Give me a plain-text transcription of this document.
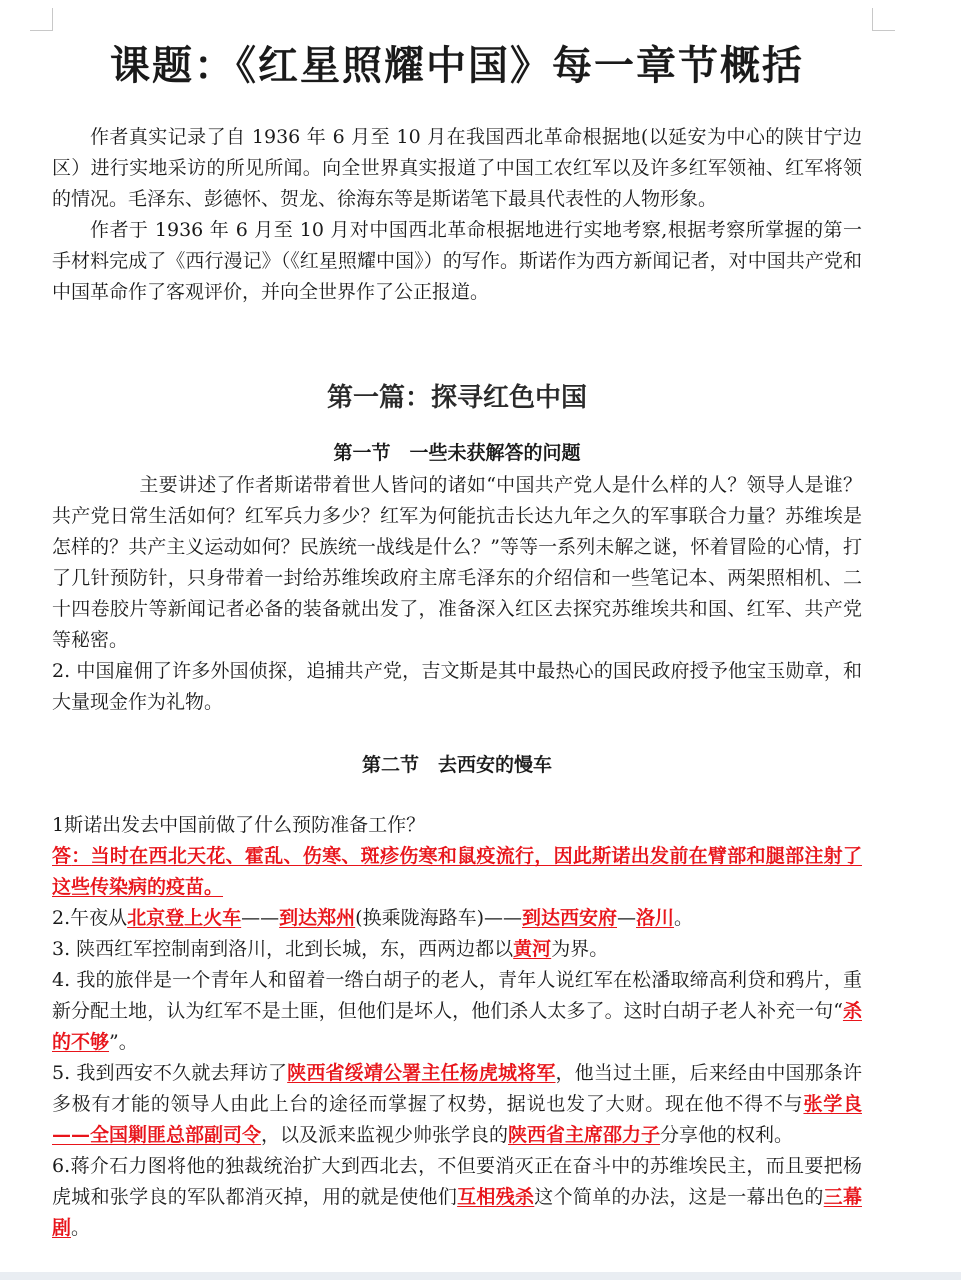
课题：《红星照耀中国》每一章节概括

作者真实记录了自 1936 年 6 月至 10 月在我国西北革命根据地(以延安为中心的陕甘宁边区）进行实地采访的所见所闻。向全世界真实报道了中国工农红军以及许多红军领袖、红军将领的情况。毛泽东、彭德怀、贺龙、徐海东等是斯诺笔下最具代表性的人物形象。

作者于 1936 年 6 月至 10 月对中国西北革命根据地进行实地考察,根据考察所掌握的第一手材料完成了《西行漫记》（《红星照耀中国》）的写作。斯诺作为西方新闻记者，对中国共产党和中国革命作了客观评价，并向全世界作了公正报道。

第一篇：探寻红色中国
第一节　一些未获解答的问题

主要讲述了作者斯诺带着世人皆问的诸如“中国共产党人是什么样的人？领导人是谁？共产党日常生活如何？红军兵力多少？红军为何能抗击长达九年之久的军事联合力量？苏维埃是怎样的？共产主义运动如何？民族统一战线是什么？”等等一系列未解之谜，怀着冒险的心情，打了几针预防针，只身带着一封给苏维埃政府主席毛泽东的介绍信和一些笔记本、两架照相机、二十四卷胶片等新闻记者必备的装备就出发了，准备深入红区去探究苏维埃共和国、红军、共产党等秘密。

2. 中国雇佣了许多外国侦探，追捕共产党，吉文斯是其中最热心的国民政府授予他宝玉勋章，和大量现金作为礼物。

第二节　去西安的慢车

1斯诺出发去中国前做了什么预防准备工作？

答：当时在西北天花、霍乱、伤寒、斑疹伤寒和鼠疫流行，因此斯诺出发前在臂部和腿部注射了这些传染病的疫苗。

2.午夜从北京登上火车——到达郑州(换乘陇海路车)——到达西安府—洛川。

3. 陕西红军控制南到洛川，北到长城，东，西两边都以黄河为界。

4. 我的旅伴是一个青年人和留着一绺白胡子的老人，青年人说红军在松潘取缔高利贷和鸦片，重新分配土地，认为红军不是土匪，但他们是坏人，他们杀人太多了。这时白胡子老人补充一句“杀的不够”。

5. 我到西安不久就去拜访了陕西省绥靖公署主任杨虎城将军，他当过土匪，后来经由中国那条许多极有才能的领导人由此上台的途径而掌握了权势，据说也发了大财。现在他不得不与张学良——全国剿匪总部副司令，以及派来监视少帅张学良的陕西省主席邵力子分享他的权利。

6.蒋介石力图将他的独裁统治扩大到西北去，不但要消灭正在奋斗中的苏维埃民主，而且要把杨虎城和张学良的军队都消灭掉，用的就是使他们互相残杀这个简单的办法，这是一幕出色的三幕剧。
